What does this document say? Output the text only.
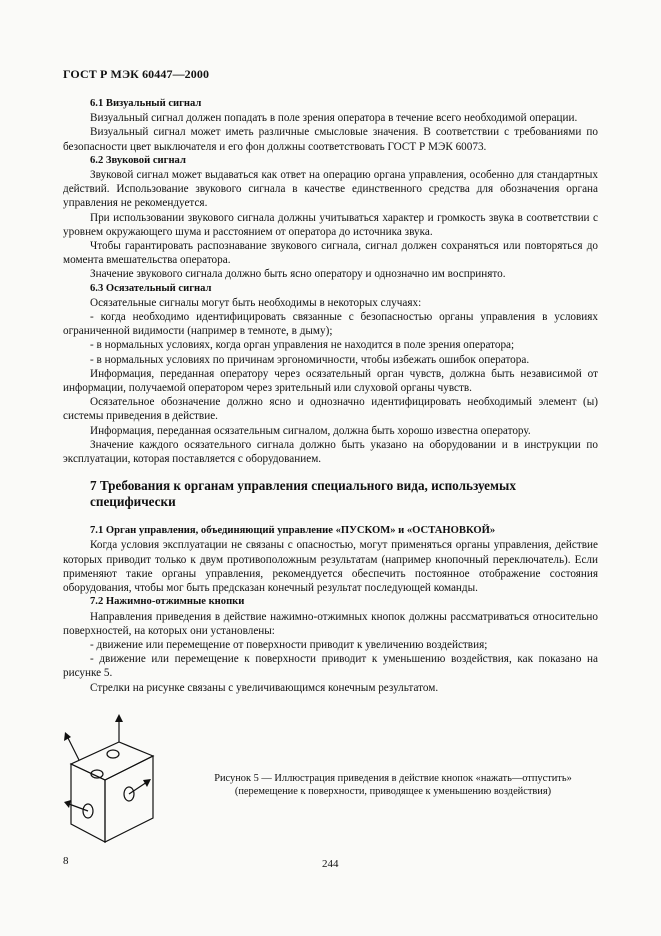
ГОСТ Р МЭК 60447—2000

6.1 Визуальный сигнал

Визуальный сигнал должен попадать в поле зрения оператора в течение всего необходимой операции.

Визуальный сигнал может иметь различные смысловые значения. В соответствии с требованиями по безопасности цвет выключателя и его фон должны соответствовать ГОСТ Р МЭК 60073.

6.2 Звуковой сигнал

Звуковой сигнал может выдаваться как ответ на операцию органа управления, особенно для стандартных действий. Использование звукового сигнала в качестве единственного средства для обозначения органа управления не рекомендуется.

При использовании звукового сигнала должны учитываться характер и громкость звука в соответствии с уровнем окружающего шума и расстоянием от оператора до источника звука.

Чтобы гарантировать распознавание звукового сигнала, сигнал должен сохраняться или повторяться до момента вмешательства оператора.

Значение звукового сигнала должно быть ясно оператору и однозначно им воспринято.

6.3 Осязательный сигнал

Осязательные сигналы могут быть необходимы в некоторых случаях:

- когда необходимо идентифицировать связанные с безопасностью органы управления в условиях ограниченной видимости (например в темноте, в дыму);

- в нормальных условиях, когда орган управления не находится в поле зрения оператора;

- в нормальных условиях по причинам эргономичности, чтобы избежать ошибок оператора.

Информация, переданная оператору через осязательный орган чувств, должна быть независимой от информации, получаемой оператором через зрительный или слуховой органы чувств.

Осязательное обозначение должно ясно и однозначно идентифицировать необходимый элемент (ы) системы приведения в действие.

Информация, переданная осязательным сигналом, должна быть хорошо известна оператору.

Значение каждого осязательного сигнала должно быть указано на оборудовании и в инструкции по эксплуатации, которая поставляется с оборудованием.

7 Требования к органам управления специального вида, используемых специфически

7.1 Орган управления, объединяющий управление «ПУСКОМ» и «ОСТАНОВКОЙ»

Когда условия эксплуатации не связаны с опасностью, могут применяться органы управления, действие которых приводит только к двум противоположным результатам (например кнопочный переключатель). Если применяют такие органы управления, рекомендуется обеспечить постоянное отображение состояния оборудования, чтобы мог быть предсказан конечный результат последующей команды.

7.2 Нажимно-отжимные кнопки

Направления приведения в действие нажимно-отжимных кнопок должны рассматриваться относительно поверхностей, на которых они установлены:

- движение или перемещение от поверхности приводит к увеличению воздействия;

- движение или перемещение к поверхности приводит к уменьшению воздействия, как показано на рисунке 5.

Стрелки на рисунке связаны с увеличивающимся конечным результатом.

Рисунок 5 — Иллюстрация приведения в действие кнопок «нажать—отпустить»
(перемещение к поверхности, приводящее к уменьшению воздействия)
8	244
